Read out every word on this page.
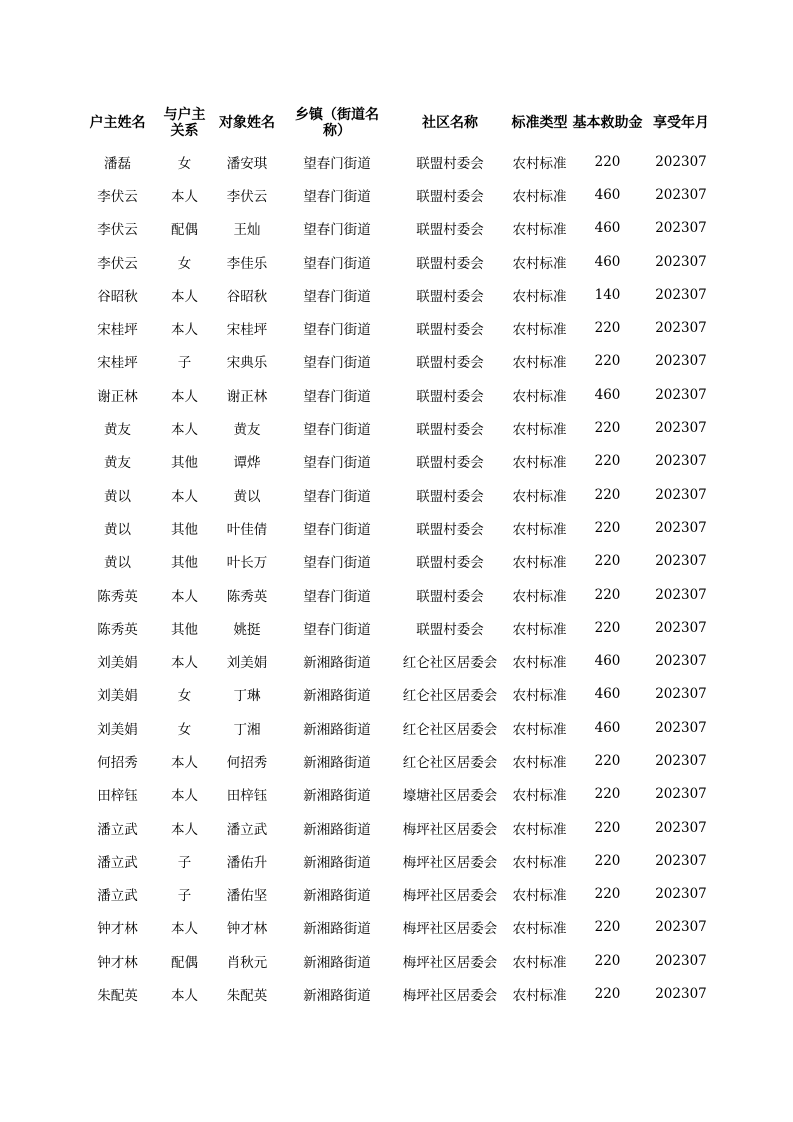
户主姓名	与户主关系	对象姓名	乡镇（街道名称）	社区名称	标准类型	基本救助金	享受年月
潘磊	女	潘安琪	望春门街道	联盟村委会	农村标准	220	202307
李伏云	本人	李伏云	望春门街道	联盟村委会	农村标准	460	202307
李伏云	配偶	王灿	望春门街道	联盟村委会	农村标准	460	202307
李伏云	女	李佳乐	望春门街道	联盟村委会	农村标准	460	202307
谷昭秋	本人	谷昭秋	望春门街道	联盟村委会	农村标准	140	202307
宋桂坪	本人	宋桂坪	望春门街道	联盟村委会	农村标准	220	202307
宋桂坪	子	宋典乐	望春门街道	联盟村委会	农村标准	220	202307
谢正林	本人	谢正林	望春门街道	联盟村委会	农村标准	460	202307
黄友	本人	黄友	望春门街道	联盟村委会	农村标准	220	202307
黄友	其他	谭烨	望春门街道	联盟村委会	农村标准	220	202307
黄以	本人	黄以	望春门街道	联盟村委会	农村标准	220	202307
黄以	其他	叶佳倩	望春门街道	联盟村委会	农村标准	220	202307
黄以	其他	叶长万	望春门街道	联盟村委会	农村标准	220	202307
陈秀英	本人	陈秀英	望春门街道	联盟村委会	农村标准	220	202307
陈秀英	其他	姚挺	望春门街道	联盟村委会	农村标准	220	202307
刘美娟	本人	刘美娟	新湘路街道	红仑社区居委会	农村标准	460	202307
刘美娟	女	丁琳	新湘路街道	红仑社区居委会	农村标准	460	202307
刘美娟	女	丁湘	新湘路街道	红仑社区居委会	农村标准	460	202307
何招秀	本人	何招秀	新湘路街道	红仑社区居委会	农村标准	220	202307
田梓钰	本人	田梓钰	新湘路街道	壕塘社区居委会	农村标准	220	202307
潘立武	本人	潘立武	新湘路街道	梅坪社区居委会	农村标准	220	202307
潘立武	子	潘佑升	新湘路街道	梅坪社区居委会	农村标准	220	202307
潘立武	子	潘佑坚	新湘路街道	梅坪社区居委会	农村标准	220	202307
钟才林	本人	钟才林	新湘路街道	梅坪社区居委会	农村标准	220	202307
钟才林	配偶	肖秋元	新湘路街道	梅坪社区居委会	农村标准	220	202307
朱配英	本人	朱配英	新湘路街道	梅坪社区居委会	农村标准	220	202307
